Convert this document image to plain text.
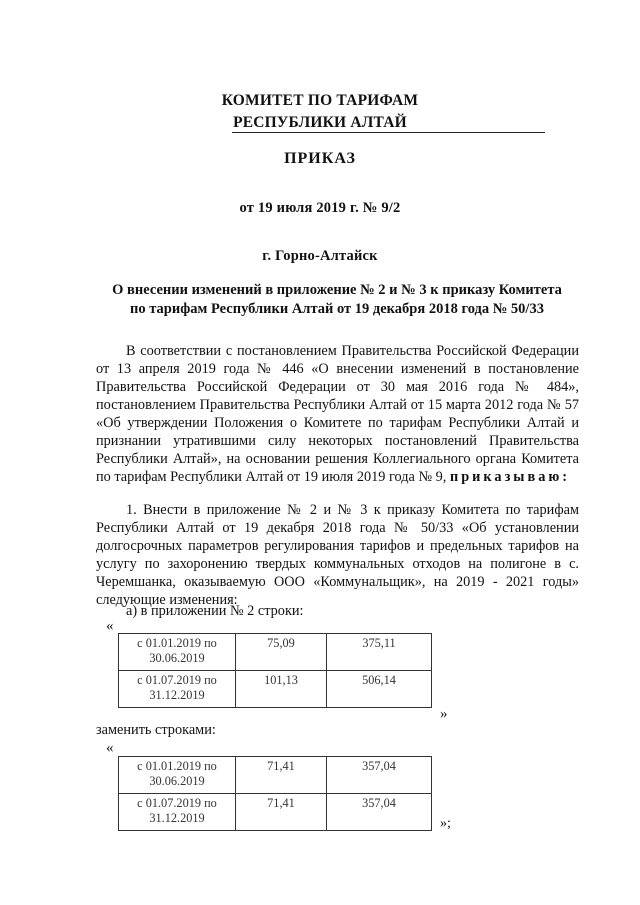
КОМИТЕТ ПО ТАРИФАМ
РЕСПУБЛИКИ АЛТАЙ
ПРИКАЗ
от 19 июля 2019 г. № 9/2
г. Горно-Алтайск
О внесении изменений в приложение № 2 и № 3 к приказу Комитета
по тарифам Республики Алтай от 19 декабря 2018 года № 50/33

В соответствии с постановлением Правительства Российской Федерации от 13 апреля 2019 года № 446 «О внесении изменений в постановление Правительства Российской Федерации от 30 мая 2016 года № 484», постановлением Правительства Республики Алтай от 15 марта 2012 года № 57 «Об утверждении Положения о Комитете по тарифам Республики Алтай и признании утратившими силу некоторых постановлений Правительства Республики Алтай», на основании решения Коллегиального органа Комитета по тарифам Республики Алтай от 19 июля 2019 года № 9, приказываю:

1. Внести в приложение № 2 и № 3 к приказу Комитета по тарифам Республики Алтай от 19 декабря 2018 года № 50/33 «Об установлении долгосрочных параметров регулирования тарифов и предельных тарифов на услугу по захоронению твердых коммунальных отходов на полигоне в с. Черемшанка, оказываемую ООО «Коммунальщик», на 2019 - 2021 годы» следующие изменения:

а) в приложении № 2 строки:
«
с 01.01.2019 по
30.06.2019	75,09	375,11

с 01.07.2019 по
31.12.2019	101,13	506,14
»
заменить строками:
«
с 01.01.2019 по
30.06.2019	71,41	357,04

с 01.07.2019 по
31.12.2019	71,41	357,04
»;
